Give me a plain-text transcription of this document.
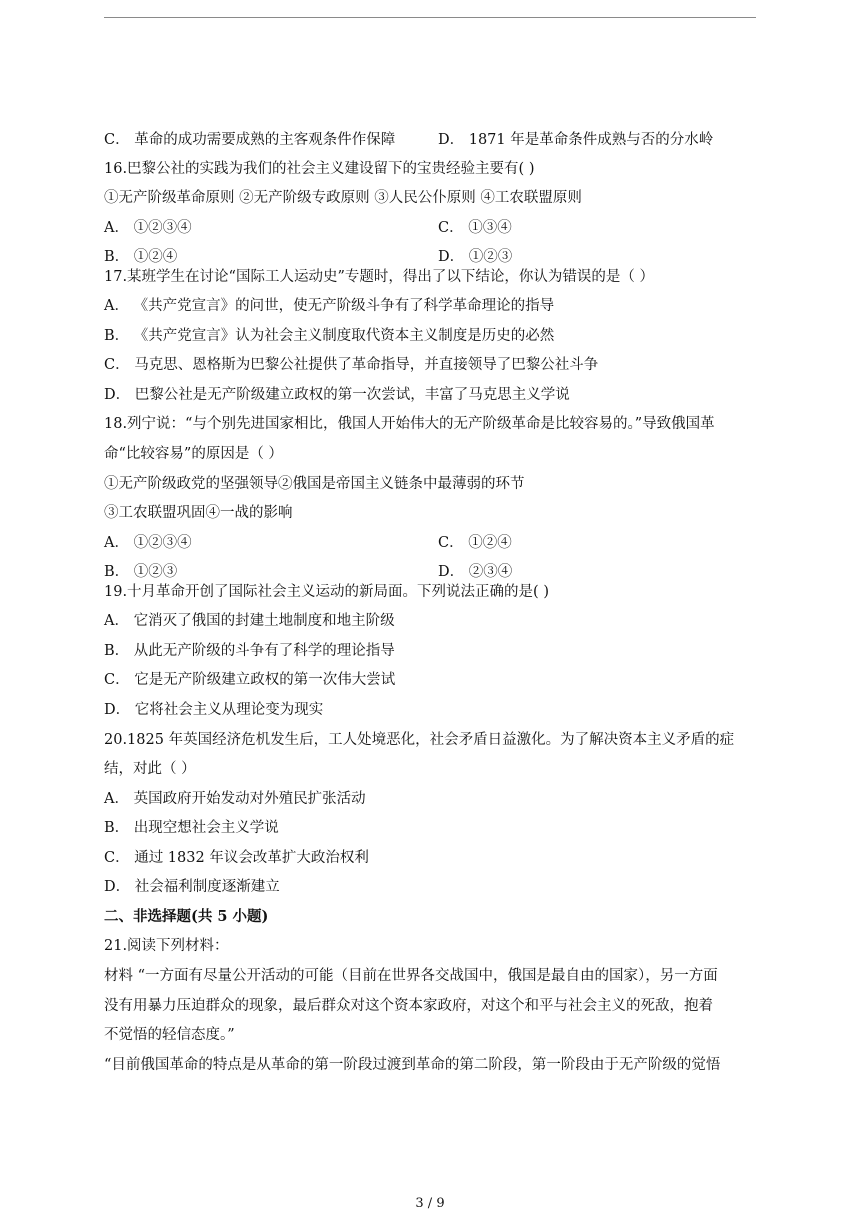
C． 革命的成功需要成熟的主客观条件作保障	D． 1871 年是革命条件成熟与否的分水岭
16.巴黎公社的实践为我们的社会主义建设留下的宝贵经验主要有( )
①无产阶级革命原则 ②无产阶级专政原则 ③人民公仆原则 ④工农联盟原则
A． ①②③④	C． ①③④
B． ①②④	D． ①②③
17.某班学生在讨论“国际工人运动史”专题时，得出了以下结论，你认为错误的是（ ）
A． 《共产党宣言》的问世，使无产阶级斗争有了科学革命理论的指导
B． 《共产党宣言》认为社会主义制度取代资本主义制度是历史的必然
C． 马克思、恩格斯为巴黎公社提供了革命指导，并直接领导了巴黎公社斗争
D． 巴黎公社是无产阶级建立政权的第一次尝试，丰富了马克思主义学说
18.列宁说：“与个别先进国家相比，俄国人开始伟大的无产阶级革命是比较容易的。”导致俄国革
命“比较容易”的原因是（ ）
①无产阶级政党的坚强领导②俄国是帝国主义链条中最薄弱的环节
③工农联盟巩固④一战的影响
A． ①②③④	C． ①②④
B． ①②③	D． ②③④
19.十月革命开创了国际社会主义运动的新局面。下列说法正确的是( )
A． 它消灭了俄国的封建土地制度和地主阶级
B． 从此无产阶级的斗争有了科学的理论指导
C． 它是无产阶级建立政权的第一次伟大尝试
D． 它将社会主义从理论变为现实
20.1825 年英国经济危机发生后，工人处境恶化，社会矛盾日益激化。为了解决资本主义矛盾的症
结，对此（ ）
A． 英国政府开始发动对外殖民扩张活动
B． 出现空想社会主义学说
C． 通过 1832 年议会改革扩大政治权利
D． 社会福利制度逐渐建立
二、非选择题(共 5 小题)
21.阅读下列材料：
材料 “一方面有尽量公开活动的可能（目前在世界各交战国中，俄国是最自由的国家），另一方面
没有用暴力压迫群众的现象，最后群众对这个资本家政府，对这个和平与社会主义的死敌，抱着
不觉悟的轻信态度。”
“目前俄国革命的特点是从革命的第一阶段过渡到革命的第二阶段，第一阶段由于无产阶级的觉悟
3 / 9
